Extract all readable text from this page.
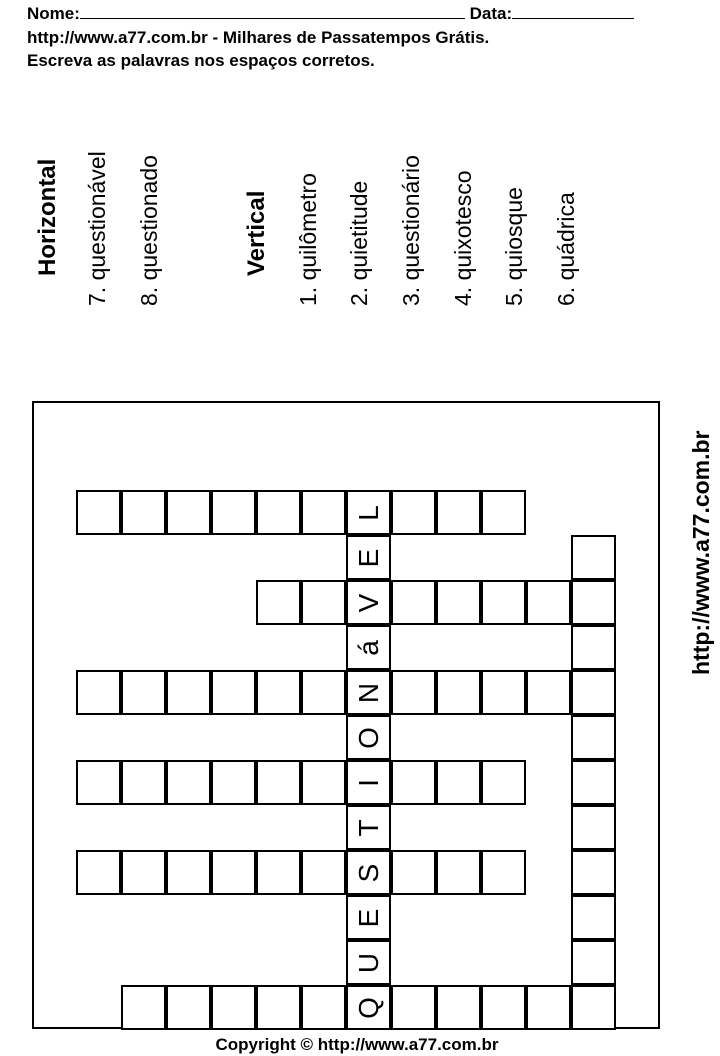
Nome:	Data:
http://www.a77.com.br - Milhares de Passatempos Grátis.
Escreva as palavras nos espaços corretos.
Horizontal 7. questionável 8. questionado	Vertical 1. quilômetro 2. quietitude 3. questionário 4. quixotesco 5. quiosque 6. quádrica
http://www.a77.com.br
Q
U
E
S
T
I
O
N
á
V
E
L
Copyright © http://www.a77.com.br
